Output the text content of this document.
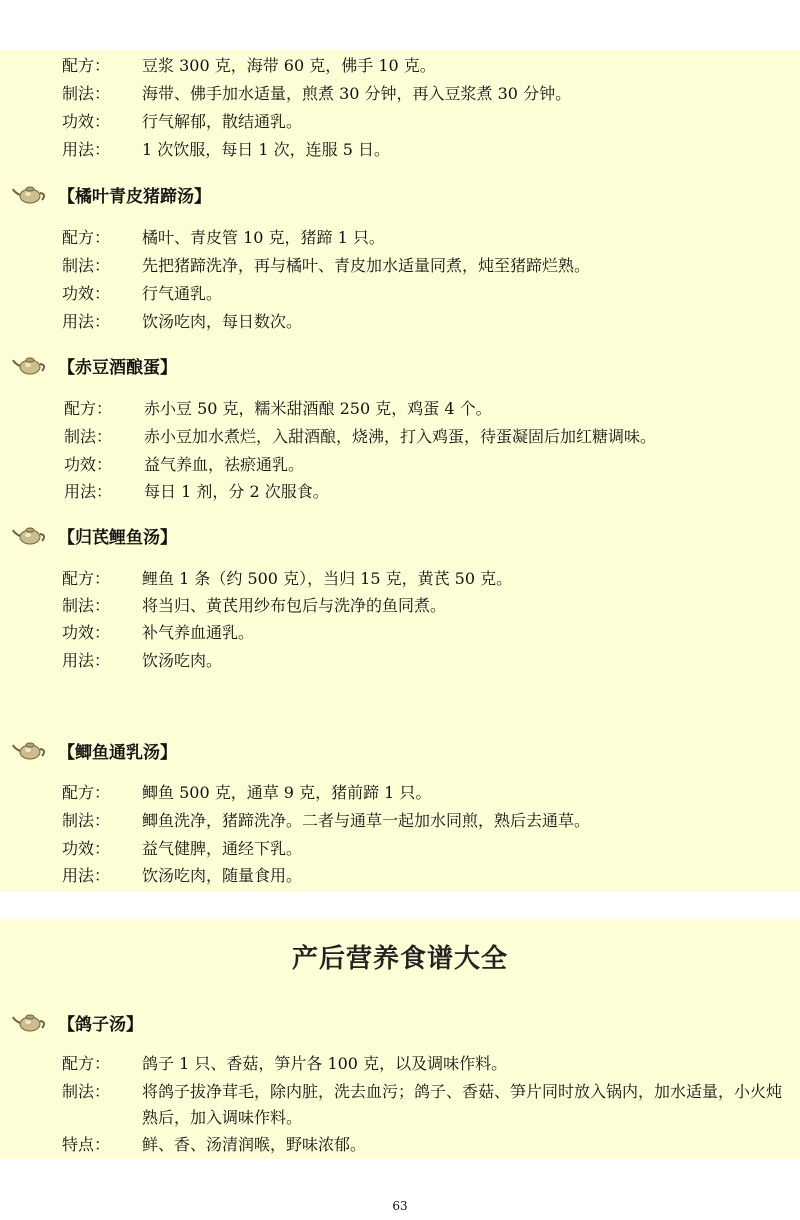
配方： 豆浆 300 克，海带 60 克，佛手 10 克。
制法： 海带、佛手加水适量，煎煮 30 分钟，再入豆浆煮 30 分钟。
功效： 行气解郁，散结通乳。
用法： 1 次饮服，每日 1 次，连服 5 日。
【橘叶青皮猪蹄汤】
配方： 橘叶、青皮管 10 克，猪蹄 1 只。
制法： 先把猪蹄洗净，再与橘叶、青皮加水适量同煮，炖至猪蹄烂熟。
功效： 行气通乳。
用法： 饮汤吃肉，每日数次。
【赤豆酒酿蛋】
配方： 赤小豆 50 克，糯米甜酒酿 250 克，鸡蛋 4 个。
制法： 赤小豆加水煮烂，入甜酒酿，烧沸，打入鸡蛋，待蛋凝固后加红糖调味。
功效： 益气养血，祛瘀通乳。
用法： 每日 1 剂，分 2 次服食。
【归芪鲤鱼汤】
配方： 鲤鱼 1 条（约 500 克），当归 15 克，黄芪 50 克。
制法： 将当归、黄芪用纱布包后与洗净的鱼同煮。
功效： 补气养血通乳。
用法： 饮汤吃肉。
【鲫鱼通乳汤】
配方： 鲫鱼 500 克，通草 9 克，猪前蹄 1 只。
制法： 鲫鱼洗净，猪蹄洗净。二者与通草一起加水同煎，熟后去通草。
功效： 益气健脾，通经下乳。
用法： 饮汤吃肉，随量食用。
产后营养食谱大全
【鸽子汤】
配方： 鸽子 1 只、香菇，笋片各 100 克，以及调味作料。
制法： 将鸽子拔净茸毛，除内脏，洗去血污；鸽子、香菇、笋片同时放入锅内，加水适量，小火炖熟后，加入调味作料。
特点： 鲜、香、汤清润喉，野味浓郁。
63
